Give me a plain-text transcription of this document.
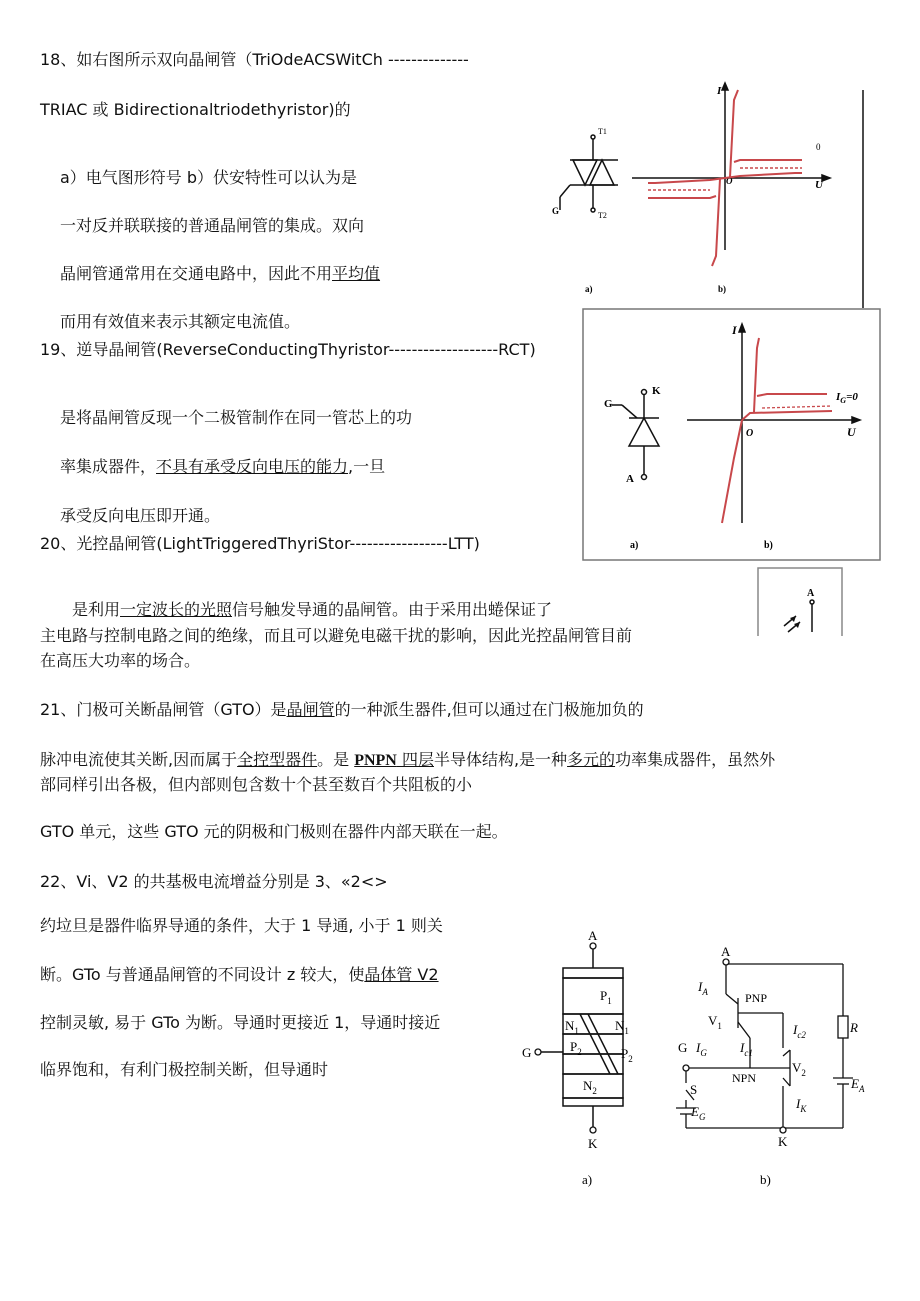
18、如右图所示双向晶闸管（TriOdeACSWitCh --------------
TRIAC 或 Bidirectionaltriodethyristor)的
a）电气图形符号 b）伏安特性可以认为是
一对反并联联接的普通晶闸管的集成。双向
晶闸管通常用在交通电路中，因此不用平均值
而用有效值来表示其额定电流值。
19、逆导晶闸管(ReverseConductingThyristor-------------------RCT)
是将晶闸管反现一个二极管制作在同一管芯上的功
率集成器件，不具有承受反向电压的能力,一旦
承受反向电压即开通。
20、光控晶闸管(LightTriggeredThyriStor-----------------LTT)
是利用一定波长的光照信号触发导通的晶闸管。由于采用出蜷保证了
主电路与控制电路之间的绝缘，而且可以避免电磁干扰的影响，因此光控晶闸管目前
在高压大功率的场合。
21、门极可关断晶闸管（GTO）是晶闸管的一种派生器件,但可以通过在门极施加负的
脉冲电流使其关断,因而属于全控型器件。是 PNPN 四层半导体结构,是一种多元的功率集成器件，虽然外
部同样引出各极，但内部则包含数十个甚至数百个共阻板的小
GTO 单元，这些 GTO 元的阴极和门极则在器件内部天联在一起。
22、Vi、V2 的共基极电流增益分别是 3、«2<>
约垃旦是器件临界导通的条件，大于 1 导通, 小于 1 则关
断。GTo 与普通晶闸管的不同设计 z 较大，使晶体管 V2
控制灵敏, 易于 GTo 为断。导通时更接近 1，导通时接近
临界饱和，有利门极控制关断，但导通时
T1
T2
G
I
U
O
0
a)	b)
K
G
A
I
U
O
$I_G=0$
a)	b)
A
A
K
G
$P_1$
$N_1$	$N_1$
$P_2$	$P_2$
$N_2$
A
K
G
$I_A$	PNP
$V_1$
$I_G$	$I_{c1}$
$I_{c2}$
NPN
$V_2$
$I_K$
S
$E_G$
R
$E_A$
a)	b)
